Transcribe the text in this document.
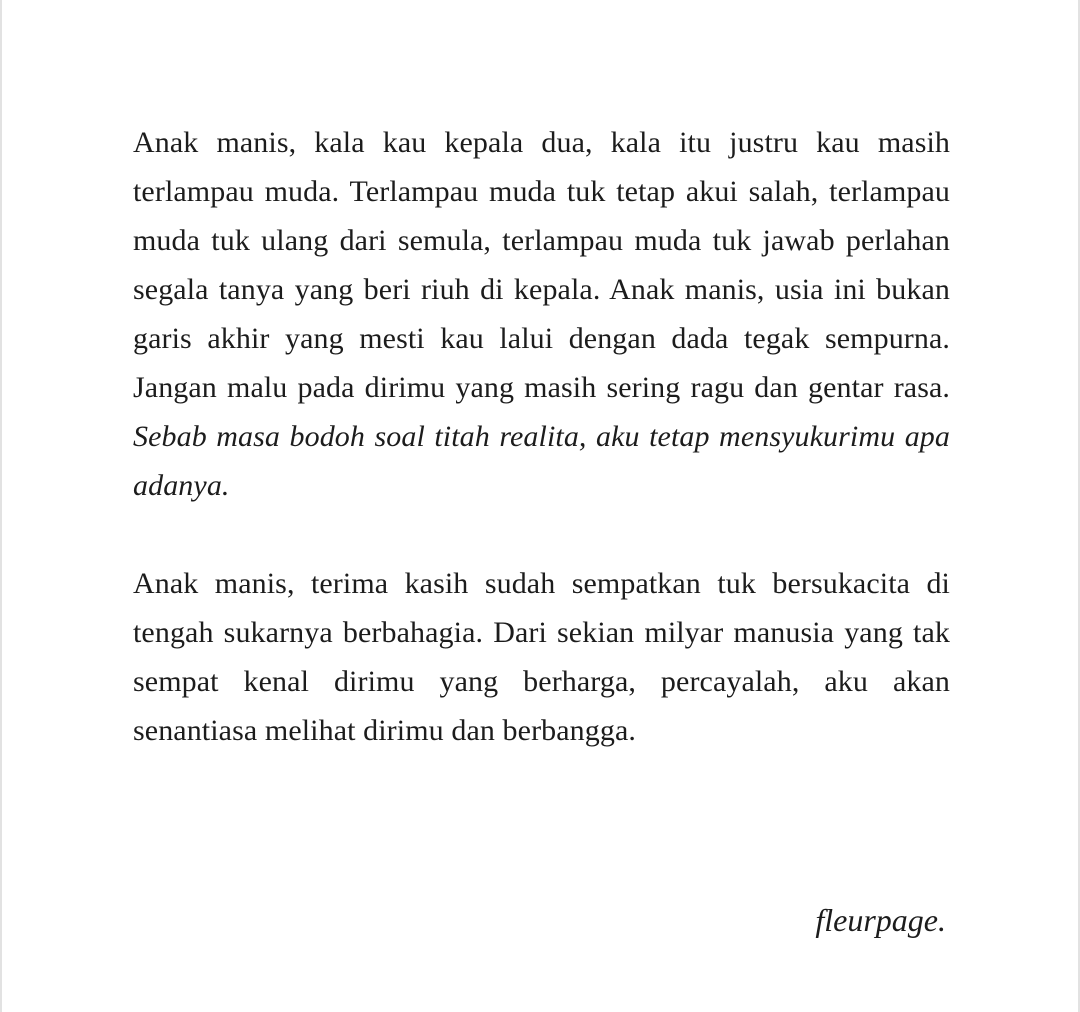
Anak manis, kala kau kepala dua, kala itu justru kau masih terlampau muda. Terlampau muda tuk tetap akui salah, terlampau muda tuk ulang dari semula, terlampau muda tuk jawab perlahan segala tanya yang beri riuh di kepala. Anak manis, usia ini bukan garis akhir yang mesti kau lalui dengan dada tegak sempurna. Jangan malu pada dirimu yang masih sering ragu dan gentar rasa. Sebab masa bodoh soal titah realita, aku tetap mensyukurimu apa adanya.

Anak manis, terima kasih sudah sempatkan tuk bersukacita di tengah sukarnya berbahagia. Dari sekian milyar manusia yang tak sempat kenal dirimu yang berharga, percayalah, aku akan senantiasa melihat dirimu dan berbangga.

fleurpage.
